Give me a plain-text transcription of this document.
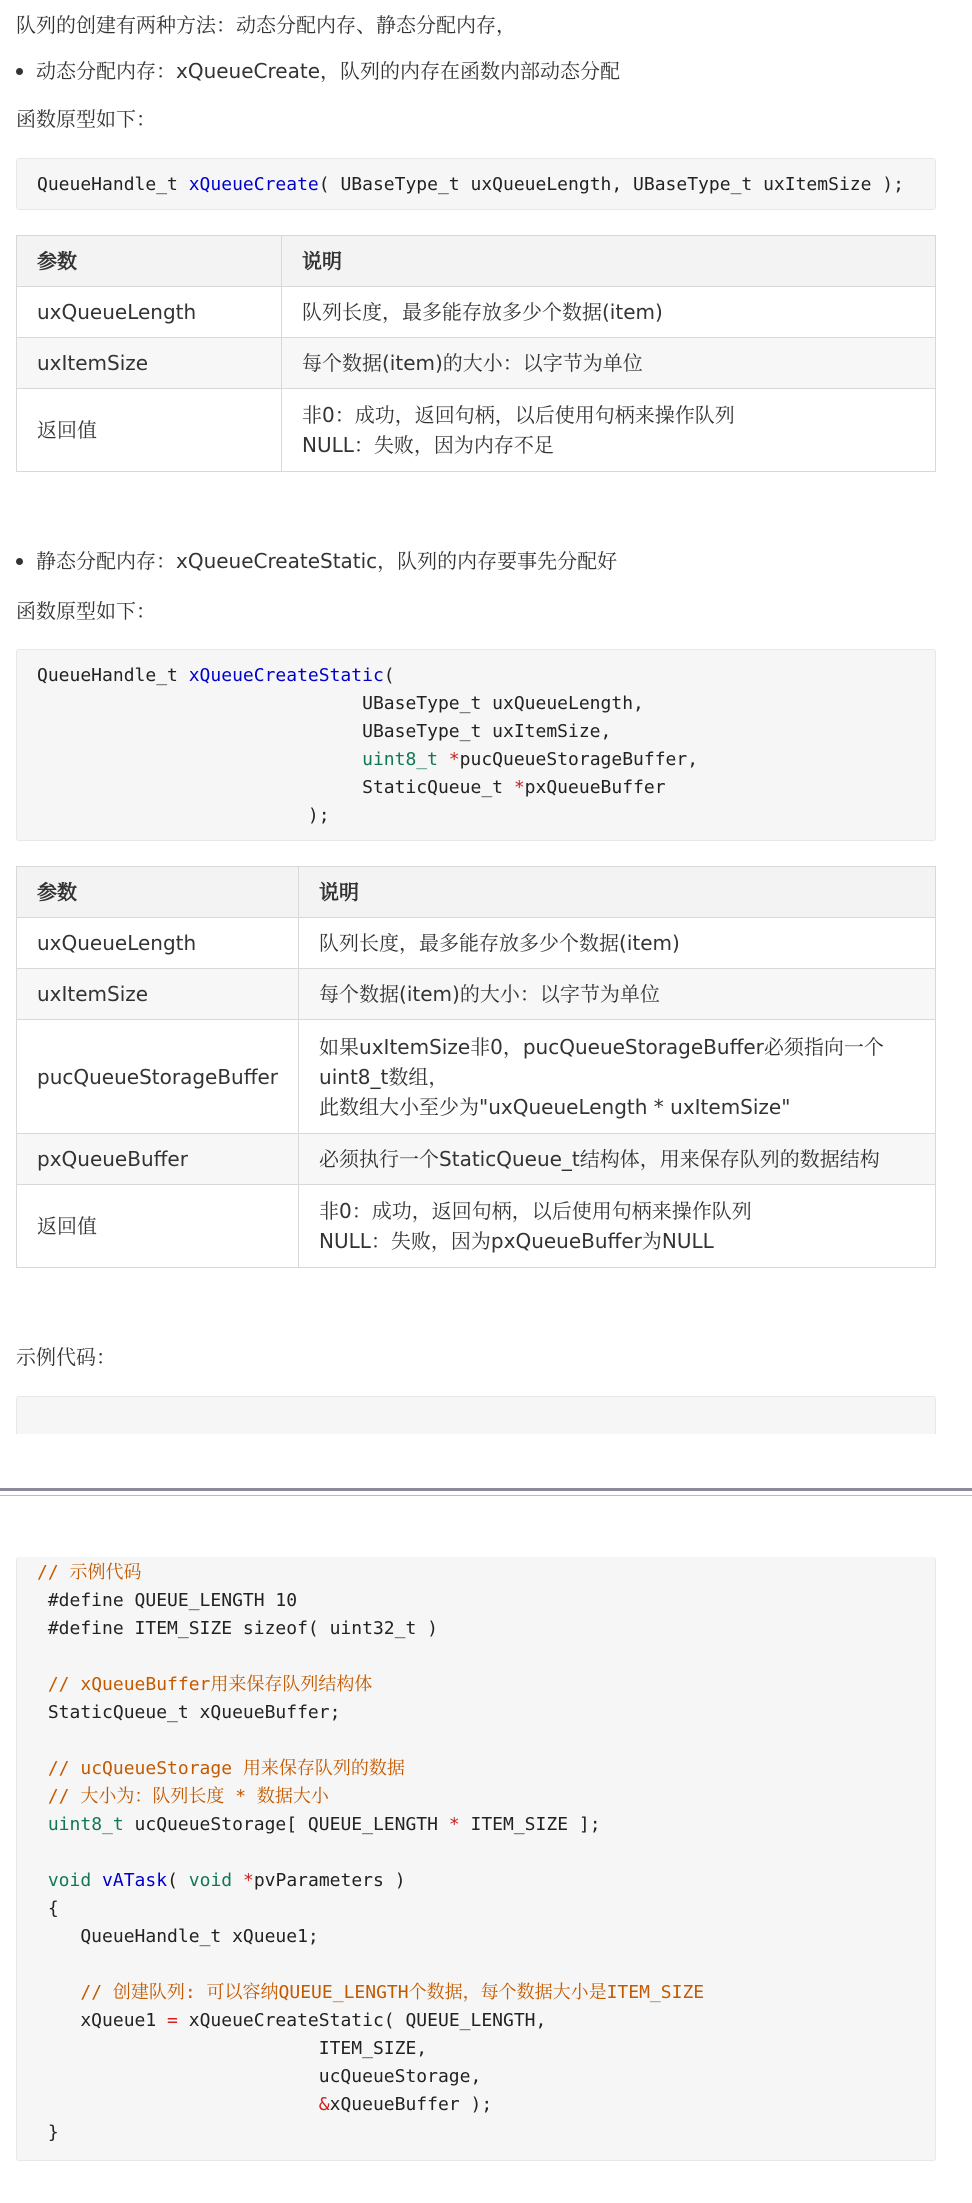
队列的创建有两种方法：动态分配内存、静态分配内存，
动态分配内存：xQueueCreate，队列的内存在函数内部动态分配
函数原型如下：
QueueHandle_t xQueueCreate( UBaseType_t uxQueueLength, UBaseType_t uxItemSize );
参数	说明
uxQueueLength	队列长度，最多能存放多少个数据(item)
uxItemSize	每个数据(item)的大小：以字节为单位
返回值	非0：成功，返回句柄，以后使用句柄来操作队列
NULL：失败，因为内存不足
静态分配内存：xQueueCreateStatic，队列的内存要事先分配好
函数原型如下：
QueueHandle_t xQueueCreateStatic(
UBaseType_t uxQueueLength,
UBaseType_t uxItemSize,
uint8_t *pucQueueStorageBuffer,
StaticQueue_t *pxQueueBuffer
);
参数	说明
uxQueueLength	队列长度，最多能存放多少个数据(item)
uxItemSize	每个数据(item)的大小：以字节为单位
pucQueueStorageBuffer	如果uxItemSize非0，pucQueueStorageBuffer必须指向一个
uint8_t数组，
此数组大小至少为"uxQueueLength * uxItemSize"
pxQueueBuffer	必须执行一个StaticQueue_t结构体，用来保存队列的数据结构
返回值	非0：成功，返回句柄，以后使用句柄来操作队列
NULL：失败，因为pxQueueBuffer为NULL
示例代码：
// 示例代码
#define QUEUE_LENGTH 10
#define ITEM_SIZE sizeof( uint32_t )

// xQueueBuffer用来保存队列结构体
StaticQueue_t xQueueBuffer;

// ucQueueStorage 用来保存队列的数据
// 大小为：队列长度 * 数据大小
uint8_t ucQueueStorage[ QUEUE_LENGTH * ITEM_SIZE ];

void vATask( void *pvParameters )
{
QueueHandle_t xQueue1;

// 创建队列: 可以容纳QUEUE_LENGTH个数据，每个数据大小是ITEM_SIZE
xQueue1 = xQueueCreateStatic( QUEUE_LENGTH,
ITEM_SIZE,
ucQueueStorage,
&xQueueBuffer );
}
